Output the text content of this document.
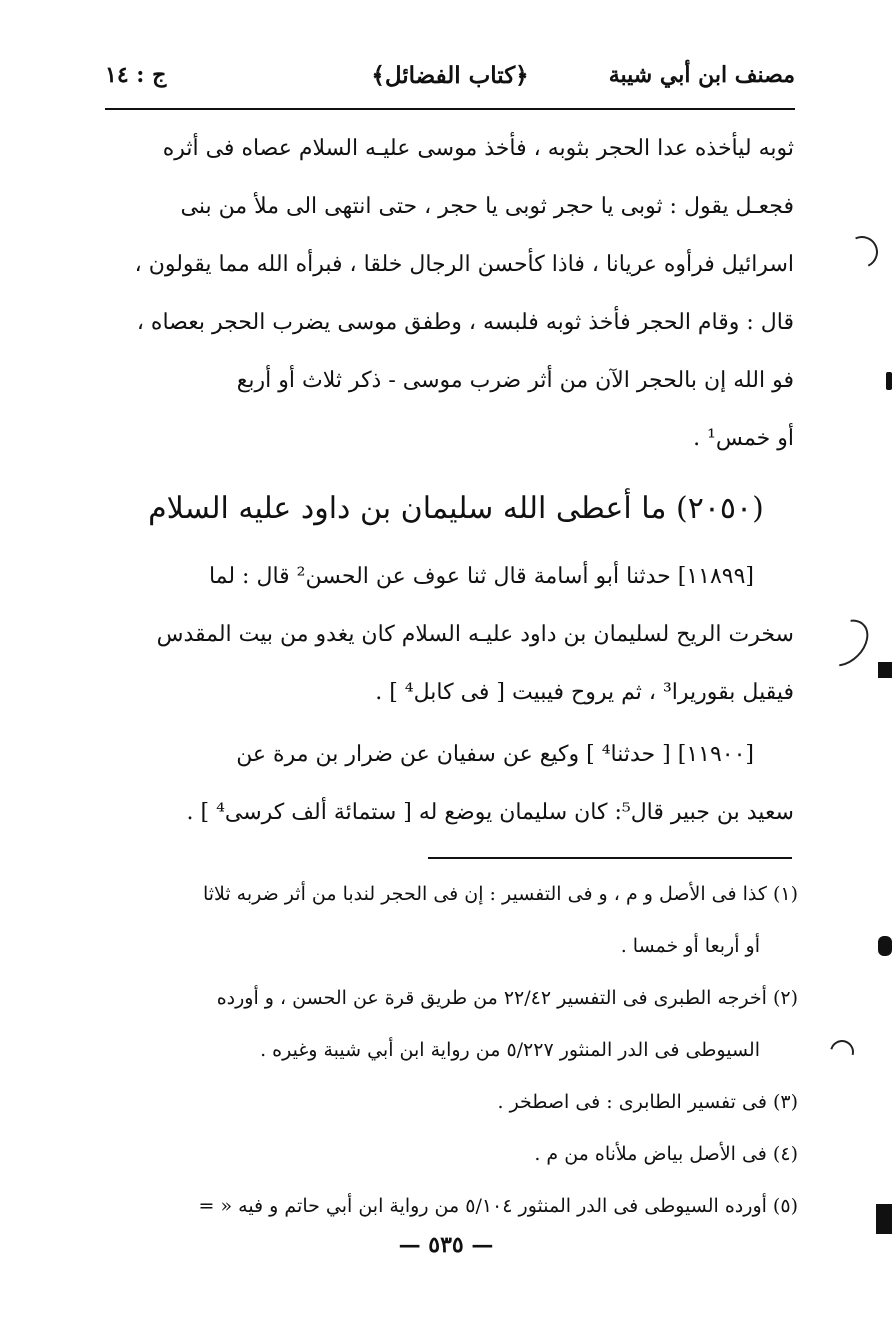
مصنف ابن أبي شيبة
﴿كتاب الفضائل﴾
ج : ١٤
ثوبه ليأخذه عدا الحجر بثوبه ، فأخذ موسى عليـه السلام عصاه فى أثره
فجعـل يقول : ثوبى يا حجر ثوبى يا حجر ، حتى انتهى الى ملأ من بنى
اسرائيل فرأوه عريانا ، فاذا كأحسن الرجال خلقا ، فبرأه الله مما يقولون ،
قال : وقام الحجر فأخذ ثوبه فلبسه ، وطفق موسى يضرب الحجر بعصاه ،
فو الله إن بالحجر الآن من أثر ضرب موسى - ذكر ثلاث أو أربع
أو خمس¹ .
(٢٠٥٠) ما أعطى الله سليمان بن داود عليه السلام
[١١٨٩٩] حدثنا أبو أسامة قال ثنا عوف عن الحسن² قال : لما
سخرت الريح لسليمان بن داود عليـه السلام كان يغدو من بيت المقدس
فيقيل بقوريرا³ ، ثم يروح فيبيت [ فى كابل⁴ ] .
[١١٩٠٠] [ حدثنا⁴ ] وكيع عن سفيان عن ضرار بن مرة عن
سعيد بن جبير قال⁵: كان سليمان يوضع له [ ستمائة ألف كرسى⁴ ] .
(١) كذا فى الأصل و م ، و فى التفسير : إن فى الحجر لندبا من أثر ضربه ثلاثا
أو أربعا أو خمسا .
(٢) أخرجه الطبرى فى التفسير ٢٢/٤٢ من طريق قرة عن الحسن ، و أورده
السيوطى فى الدر المنثور ٥/٢٢٧ من رواية ابن أبي شيبة وغيره .
(٣) فى تفسير الطابرى : فى اصطخر .
(٤) فى الأصل بياض ملأناه من م .
(٥) أورده السيوطى فى الدر المنثور ٥/١٠٤ من رواية ابن أبي حاتم و فيه « =
— ٥٣٥ —
